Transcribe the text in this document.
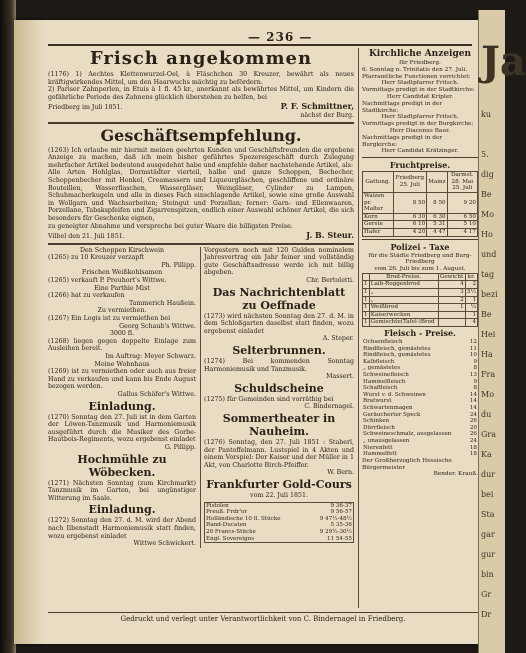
— 236 —
Frisch angekommen

(1176) 1) Aechtes Klettenwurzel-Oel, à Fläschchen 30 Kreuzer, bewährt als neues kräftigwirkendes Mittel, um den Haarwuchs mächtig zu befördern.

2) Pariser Zahnperlen, in Etuis à 1 fl. 45 kr., anerkannt als bewährtes Mittel, um Kindern die gefährliche Periode des Zahnens glücklich überstehen zu helfen, bei

Friedberg im Juli 1851.	P. F. Schmittner,

nächst der Burg.

Geschäftsempfehlung.

(1263) Ich erlaube mir hiermit meinen geehrten Kunden und Geschäftsfreunden die ergebene Anzeige zu machen, daß ich mein bisher geführtes Spezereigeschäft durch Zulegung mehrfacher Artikel bedeutend ausgedehnt habe und empfehle daher nachstehende Artikel, als:

Alle Arten Hohlglas, Dormstädter vierteil, halbe und ganze Schoppen, Bechecher, Schoppenbecher mit Henkel, Creamassern und Liqueurgläschen, geschliffene und ordinäre Bouteillen, Wasserflaschen, Wassergläser, Weingläser, Cylinder zu Lampen, Schuhmacherkugeln und alle in dieses Fach einschlagende Artikel, sowie eine große Auswahl in Wollgarn und Wachsarbeiten; Steingut und Porzellan; ferner: Garn- und Ellenwaaren, Porzellane, Tabakspfeifen und Zigarrenspitzen, endlich einer Auswahl schöner Artikel, die sich besonders für Geschenke eignen,

zu geneigter Abnahme und verspreche bei guter Waare die billigsten Preise.

Vilbel den 21. Juli 1851.	J. B. Steur.
Den Schoppen Kirschwein
(1265) zu 10 Kreuzer verzapft
Ph. Pillipp.
Frischen Weißkohlsamen
(1265) verkauft P. Preuhort's Wittwe.
Eine Parthie Mist
(1266) hat zu verkaufen
Tammerich Haußein.
Zu vermiethen.
(1267) Ein Logis ist zu vermiethen bei
Georg Schaub's Wittwe.
3000 fl.
(1268) liegen gegen doppelte Einlage zum Ausleihen bereit.
Im Auftrag: Meyer Schwarz.
Meine Wohnhaus
(1269) ist zu vermiethen oder auch aus freier Hand zu verkaufen und kann bis Ende August bezogen werden.
Gallus Schäfer's Wittwe.
Einladung.
(1270) Sonntag den 27. Juli ist in dem Garten der Löwen-Tanzmusik und Harmoniemusik ausgeführt durch die Musiker des Gorbe-Hautbois-Regiments, wozu ergebenst einladet
G. Pillipp.
Hochmühle zu Wöbecken.
(1271) Nächsten Sonntag (zum Kirchmarkt) Tanzmusik im Garten, bei ungünstiger Witterung im Saale.
Einladung.
(1272) Sonntag den 27. d. M. wird der Abend nach Ilbenstadt Harmoniemusik statt finden, wozu ergebenst einladet
Wittwe Schwickert.
Vorgestern noch mit 120 Gulden nominelem Jahresvertrag ein Jahr feiner und vollständig gute Geschäftsadresse werde ich mit billig abgeben.
Chr. Bertoletti.
Das Nachrichtenblatt zu Oeffnade
(1273) wird nächsten Sonntag den 27. d. M. in dem Schloßgarten daselbst statt finden, wozu ergebenst einladet
A. Steper.
Selterbrunnen.
(1274) Bei kommenden Sonntag Harmoniemusik und Tanzmusik.
Massert.
Schuldscheine
(1275) für Gemeinden sind vorräthig bei
C. Bindernagel.
Sommertheater in Nauheim.
(1276) Sonntag, den 27. Juli 1851 : Staberl, der Pantoffelmann. Lustspiel in 4 Akten und einem Vorspiel: Der Kaiser und der Müller in 1 Akt, von Charlotte Birch-Pfeiffer.
W. Bern.
Frankfurter Gold-Cours
vom 22. Juli 1851.
Pistolen	9 36-37
Preuß. Frdr'or	9 56-57
Holländische 10 fl. Stücke	9 47½-48½
Rand-Ducaten	5 35-36
20 Francs-Stücke	9 29½-30½
Engl. Sovereigns	11 54-55
Kirchliche Anzeigen

für Friedberg.

6. Sonntag n. Trinitatis den 27. Juli.

Pfarramtliche Functionen verrichtet:

Herr Stadtpfarrer Fritsch.

Vormittags predigt in der Stadtkirche:

Herr Candidat Kripler.

Nachmittags predigt in der Stadtkirche:

Herr Stadtpfarrer Fritsch.

Vormittags predigt in der Burgkirche:

Herr Diaconus Baur.

Nachmittags predigt in der Burgkirche:

Herr Candidat Krätzinger.

Fruchtpreise.
Gattung.	Friedberg 25. Juli	Mainz	Darmst. 28. Mai 25. Juli
Waizen pr. Malter	8 50	8 50	9 20
Korn	6 30	6 30	6 50
Gerste	6 10	5 31	5 10
Hafer	4 20	4 47	4 17
Polizei - Taxe

für die Städte Friedberg und Burg-Friedberg

vom 26. Juli bis zum 1. August.

	Brod-Preise.	Gewicht	kr.
1	Laib-Roggenbrod	4	2
1	„	3	5½
1	„	2	1
1	Weißbrod	1	¼
1	Kaiserwecken		1
1	Gemischte(Tafel-)Brod		4
Fleisch - Preise.
Ochsenfleisch	12
Rindfleisch, gemästetes	11
Rindfleisch, gemästetes	10
Kalbfleisch	9
„ gemästetes	8
Schweinefleisch	13
Hammelfleisch	9
Schaffleisch	8
Wurst v. d. Schweinen	14
Bratwurst	14
Schwartenmagen	14
Geräucherter Speck	24
Schinken	26
Dürrfleisch	20
Schweineschmalz, ausgelassen	26
„ unausgelassen	24
Nierenfett	18
Hammelfett	18

Der Großherzoglich Hessische Bürgermeister

Bender. Krauß.

Gedruckt und verlegt unter Verantwortlichkeit von C. Bindernagel in Friedberg.
Ja
ku
5.
dig
Be
Mo
Ho
und
tag
bezi
Be
Hei
Ha
Fra
Mo
du
Gra
Ka
dur
bei
Sta
gar
gur
bin
Gr
Dr
